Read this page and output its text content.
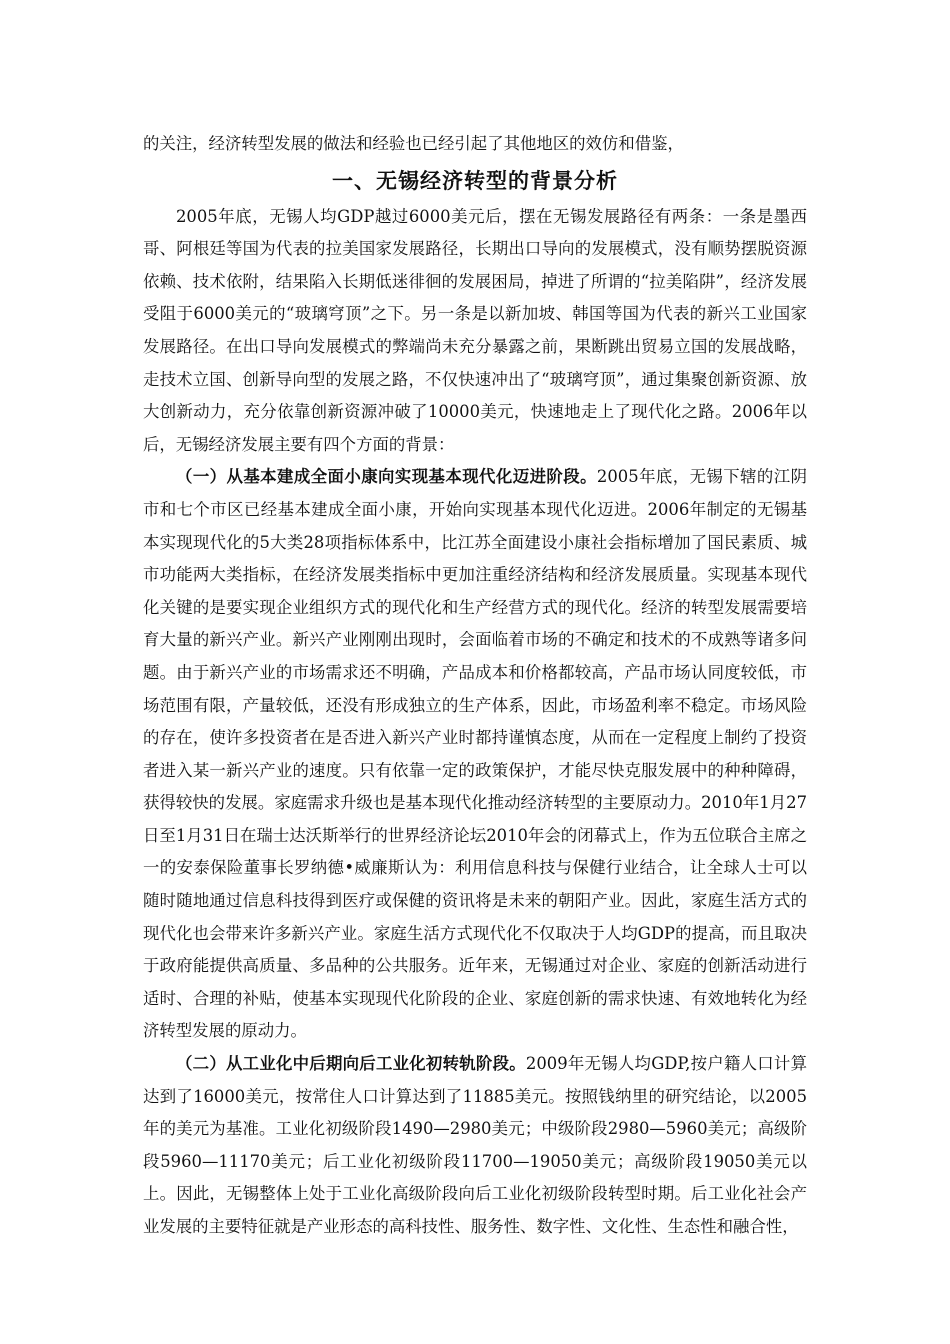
的关注，经济转型发展的做法和经验也已经引起了其他地区的效仿和借鉴，

一、无锡经济转型的背景分析

2005年底，无锡人均GDP越过6000美元后，摆在无锡发展路径有两条：一条是墨西哥、阿根廷等国为代表的拉美国家发展路径，长期出口导向的发展模式，没有顺势摆脱资源依赖、技术依附，结果陷入长期低迷徘徊的发展困局，掉进了所谓的“拉美陷阱”，经济发展受阻于6000美元的“玻璃穹顶”之下。另一条是以新加坡、韩国等国为代表的新兴工业国家发展路径。在出口导向发展模式的弊端尚未充分暴露之前，果断跳出贸易立国的发展战略，走技术立国、创新导向型的发展之路，不仅快速冲出了“玻璃穹顶”，通过集聚创新资源、放大创新动力，充分依靠创新资源冲破了10000美元，快速地走上了现代化之路。2006年以后，无锡经济发展主要有四个方面的背景：

（一）从基本建成全面小康向实现基本现代化迈进阶段。2005年底，无锡下辖的江阴市和七个市区已经基本建成全面小康，开始向实现基本现代化迈进。2006年制定的无锡基本实现现代化的5大类28项指标体系中，比江苏全面建设小康社会指标增加了国民素质、城市功能两大类指标，在经济发展类指标中更加注重经济结构和经济发展质量。实现基本现代化关键的是要实现企业组织方式的现代化和生产经营方式的现代化。经济的转型发展需要培育大量的新兴产业。新兴产业刚刚出现时，会面临着市场的不确定和技术的不成熟等诸多问题。由于新兴产业的市场需求还不明确，产品成本和价格都较高，产品市场认同度较低，市场范围有限，产量较低，还没有形成独立的生产体系，因此，市场盈利率不稳定。市场风险的存在，使许多投资者在是否进入新兴产业时都持谨慎态度，从而在一定程度上制约了投资者进入某一新兴产业的速度。只有依靠一定的政策保护，才能尽快克服发展中的种种障碍，获得较快的发展。家庭需求升级也是基本现代化推动经济转型的主要原动力。2010年1月27日至1月31日在瑞士达沃斯举行的世界经济论坛2010年会的闭幕式上，作为五位联合主席之一的安泰保险董事长罗纳德•威廉斯认为：利用信息科技与保健行业结合，让全球人士可以随时随地通过信息科技得到医疗或保健的资讯将是未来的朝阳产业。因此，家庭生活方式的现代化也会带来许多新兴产业。家庭生活方式现代化不仅取决于人均GDP的提高，而且取决于政府能提供高质量、多品种的公共服务。近年来，无锡通过对企业、家庭的创新活动进行适时、合理的补贴，使基本实现现代化阶段的企业、家庭创新的需求快速、有效地转化为经济转型发展的原动力。

（二）从工业化中后期向后工业化初转轨阶段。2009年无锡人均GDP,按户籍人口计算达到了16000美元，按常住人口计算达到了11885美元。按照钱纳里的研究结论，以2005年的美元为基准。工业化初级阶段1490—2980美元；中级阶段2980—5960美元；高级阶段5960—11170美元；后工业化初级阶段11700—19050美元；高级阶段19050美元以上。因此，无锡整体上处于工业化高级阶段向后工业化初级阶段转型时期。后工业化社会产业发展的主要特征就是产业形态的高科技性、服务性、数字性、文化性、生态性和融合性，
